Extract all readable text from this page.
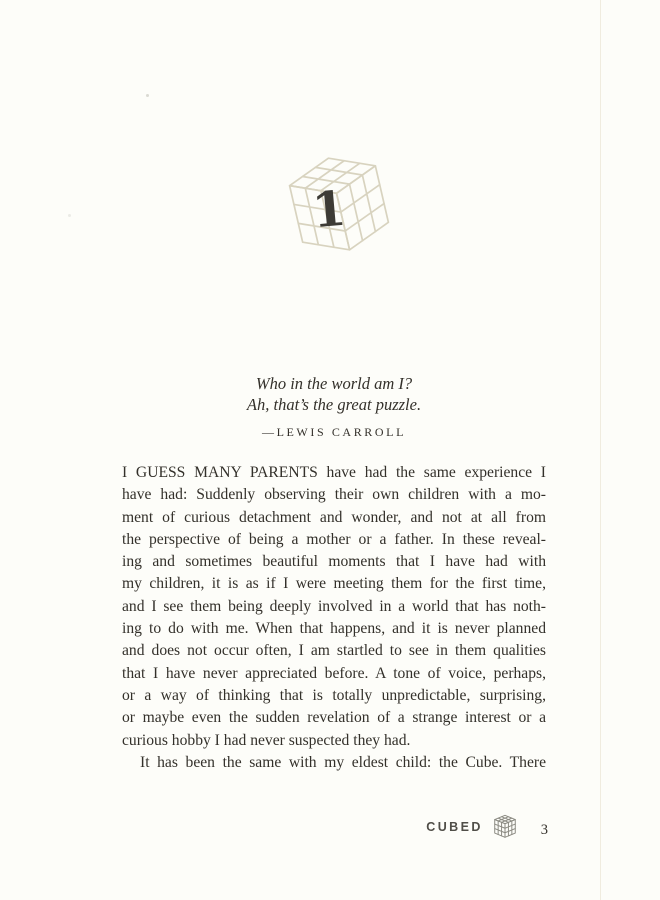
1
Who in the world am I?
Ah, that’s the great puzzle.
—LEWIS CARROLL
I GUESS MANY PARENTS have had the same experience I
have had: Suddenly observing their own children with a mo-
ment of curious detachment and wonder, and not at all from
the perspective of being a mother or a father. In these reveal-
ing and sometimes beautiful moments that I have had with
my children, it is as if I were meeting them for the first time,
and I see them being deeply involved in a world that has noth-
ing to do with me. When that happens, and it is never planned
and does not occur often, I am startled to see in them qualities
that I have never appreciated before. A tone of voice, perhaps,
or a way of thinking that is totally unpredictable, surprising,
or maybe even the sudden revelation of a strange interest or a
curious hobby I had never suspected they had.
It has been the same with my eldest child: the Cube. There
CUBED	3
